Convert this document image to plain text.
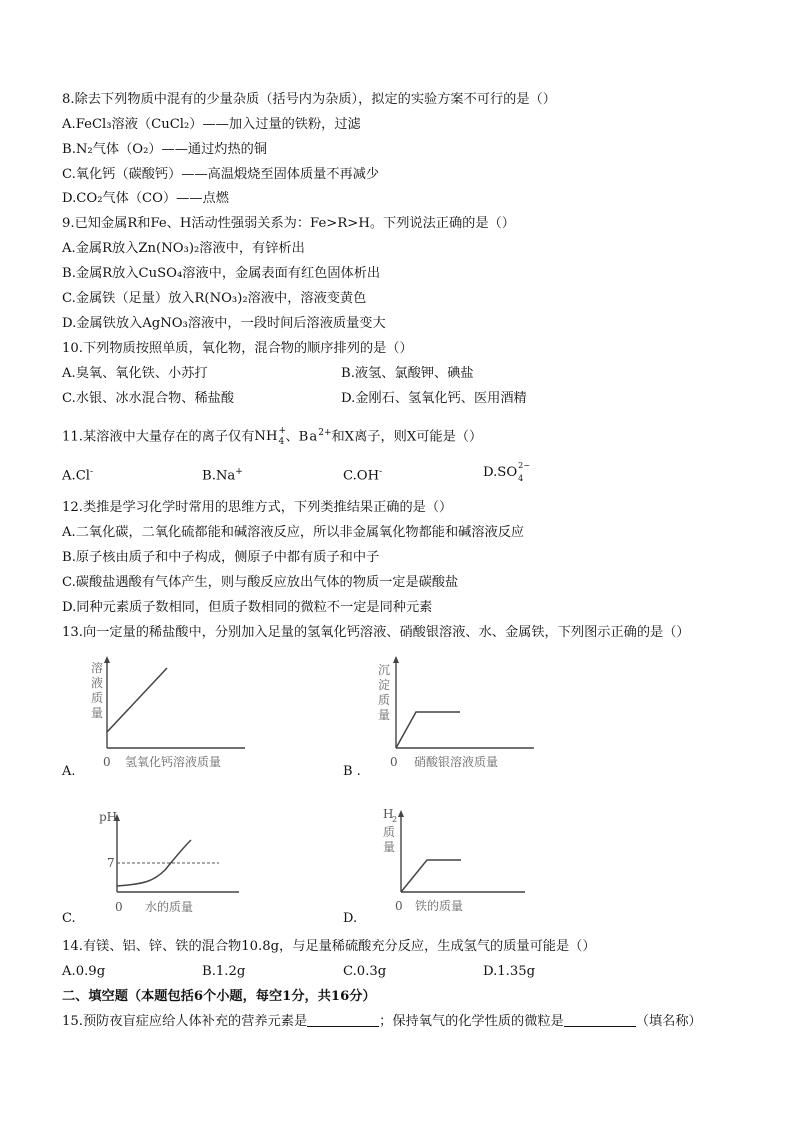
8.除去下列物质中混有的少量杂质（括号内为杂质），拟定的实验方案不可行的是（）
A.FeCl₃溶液（CuCl₂）——加入过量的铁粉，过滤
B.N₂气体（O₂）——通过灼热的铜
C.氧化钙（碳酸钙）——高温煅烧至固体质量不再减少
D.CO₂气体（CO）——点燃
9.已知金属R和Fe、H活动性强弱关系为：Fe>R>H。下列说法正确的是（）
A.金属R放入Zn(NO₃)₂溶液中，有锌析出
B.金属R放入CuSO₄溶液中，金属表面有红色固体析出
C.金属铁（足量）放入R(NO₃)₂溶液中，溶液变黄色
D.金属铁放入AgNO₃溶液中，一段时间后溶液质量变大
10.下列物质按照单质，氧化物，混合物的顺序排列的是（）
A.臭氧、氧化铁、小苏打	B.液氢、氯酸钾、碘盐
C.水银、冰水混合物、稀盐酸	D.金刚石、氢氧化钙、医用酒精
11.某溶液中大量存在的离子仅有NH +
4 、$Ba^{2+}$和X离子，则X可能是（）
A.Cl-	B.Na+	C.OH-	D.SO 2−
4
12.类推是学习化学时常用的思维方式，下列类推结果正确的是（）
A.二氧化碳，二氧化硫都能和碱溶液反应，所以非金属氧化物都能和碱溶液反应
B.原子核由质子和中子构成，侧原子中都有质子和中子
C.碳酸盐遇酸有气体产生，则与酸反应放出气体的物质一定是碳酸盐
D.同种元素质子数相同，但质子数相同的微粒不一定是同种元素
13.向一定量的稀盐酸中，分别加入足量的氢氧化钙溶液、硝酸银溶液、水、金属铁，下列图示正确的是（）
A.
0 氢氧化钙溶液质量
溶
液
质
量
B .
0 硝酸银溶液质量
沉
淀
质
量
C.
pH
7
0 水的质量
D.
0 铁的质量
H
2
质
量
14.有镁、铝、锌、铁的混合物10.8g，与足量稀硫酸充分反应，生成氢气的质量可能是（）
A.0.9g	B.1.2g	C.0.3g	D.1.35g
二、填空题（本题包括6个小题，每空1分，共16分）
15.预防夜盲症应给人体补充的营养元素是	；保持氧气的化学性质的微粒是	（填名称）
